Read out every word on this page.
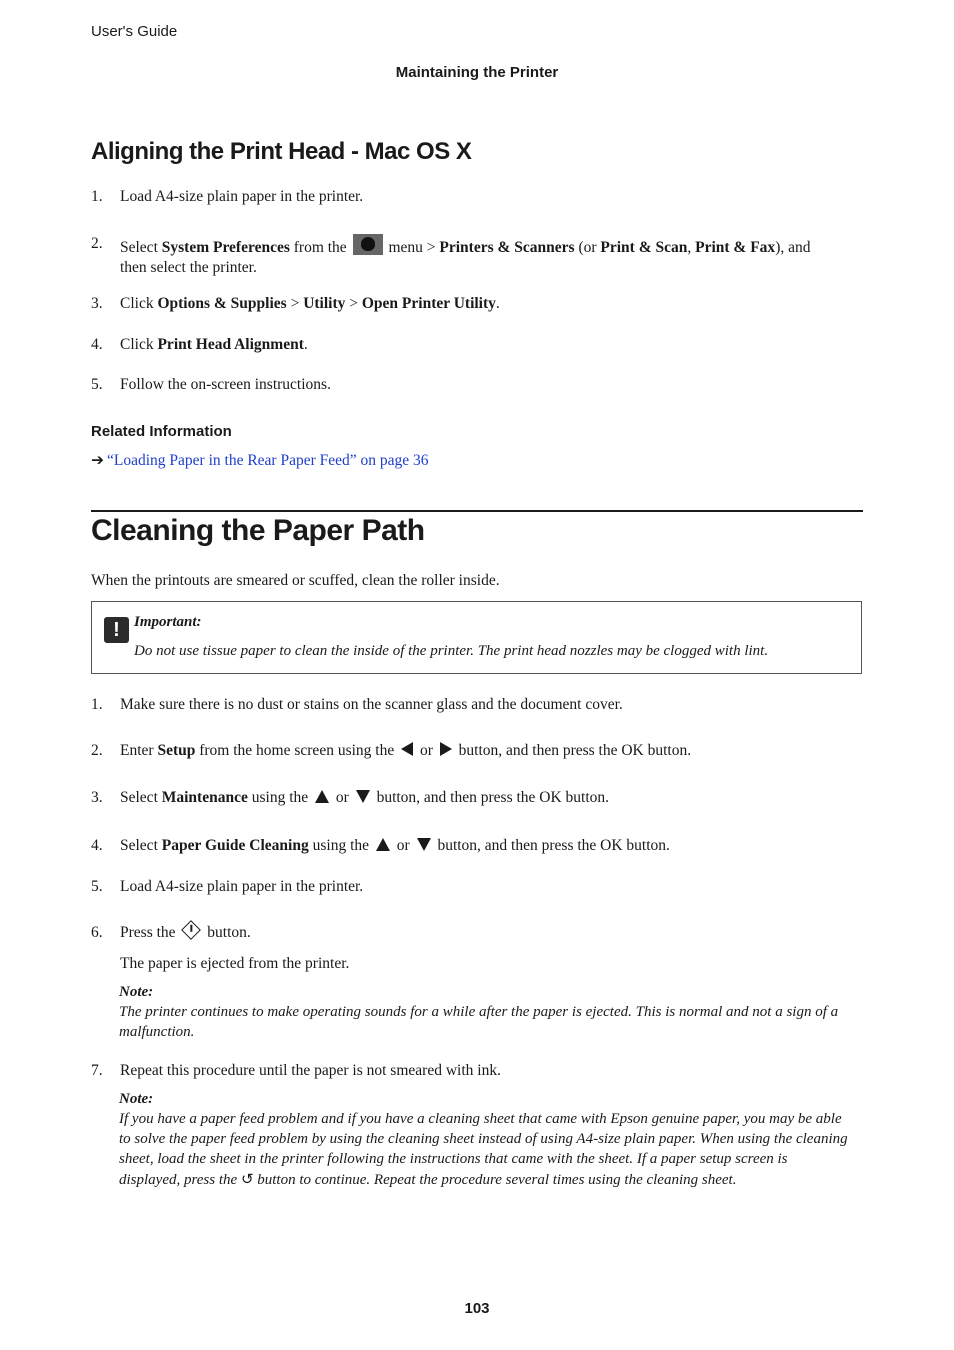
User's Guide
Maintaining the Printer
Aligning the Print Head - Mac OS X
1.	Load A4-size plain paper in the printer.
2.	Select System Preferences from the  menu > Printers & Scanners (or Print & Scan, Print & Fax), and
then select the printer.
3.	Click Options & Supplies > Utility > Open Printer Utility.
4.	Click Print Head Alignment.
5.	Follow the on-screen instructions.
Related Information
➔ “Loading Paper in the Rear Paper Feed” on page 36
Cleaning the Paper Path
When the printouts are smeared or scuffed, clean the roller inside.
! Important:
Do not use tissue paper to clean the inside of the printer. The print head nozzles may be clogged with lint.
1.	Make sure there is no dust or stains on the scanner glass and the document cover.
2.	Enter Setup from the home screen using the  or  button, and then press the OK button.
3.	Select Maintenance using the  or  button, and then press the OK button.
4.	Select Paper Guide Cleaning using the  or  button, and then press the OK button.
5.	Load A4-size plain paper in the printer.
6.	Press the  button.
The paper is ejected from the printer.
Note:
The printer continues to make operating sounds for a while after the paper is ejected. This is normal and not a sign of a
malfunction.
7.	Repeat this procedure until the paper is not smeared with ink.
Note:
If you have a paper feed problem and if you have a cleaning sheet that came with Epson genuine paper, you may be able
to solve the paper feed problem by using the cleaning sheet instead of using A4-size plain paper. When using the cleaning
sheet, load the sheet in the printer following the instructions that came with the sheet. If a paper setup screen is
displayed, press the ↺ button to continue. Repeat the procedure several times using the cleaning sheet.
103
